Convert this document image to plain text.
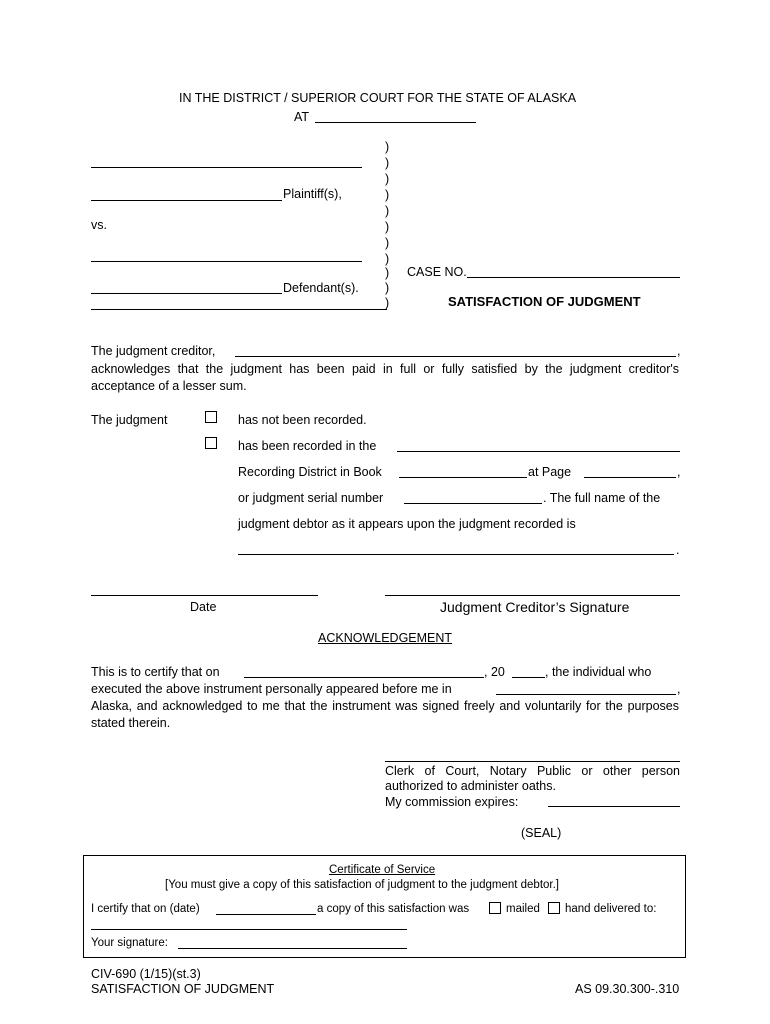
IN THE DISTRICT / SUPERIOR COURT FOR THE STATE OF ALASKA
AT
Plaintiff(s),
vs.
Defendant(s).
)
)
)
)
)
)
)
)
)
)
)
CASE NO.
SATISFACTION OF JUDGMENT
The judgment creditor,	,
acknowledges that the judgment has been paid in full or fully satisfied by the judgment creditor's acceptance of a lesser sum.
The judgment	has not been recorded.
has been recorded in the
Recording District in Book	at Page	,
or judgment serial number	. The full name of the
judgment debtor as it appears upon the judgment recorded is
.
Date	Judgment Creditor’s Signature
ACKNOWLEDGEMENT
This is to certify that on	, 20	, the individual who
executed the above instrument personally appeared before me in	,
Alaska, and acknowledged to me that the instrument was signed freely and voluntarily for the purposes stated therein.
Clerk of Court, Notary Public or other person
authorized to administer oaths.
My commission expires:
(SEAL)
Certificate of Service
[You must give a copy of this satisfaction of judgment to the judgment debtor.]
I certify that on (date)	a copy of this satisfaction was	mailed hand delivered to:
Your signature:
CIV-690 (1/15)(st.3)
SATISFACTION OF JUDGMENT	AS 09.30.300-.310
